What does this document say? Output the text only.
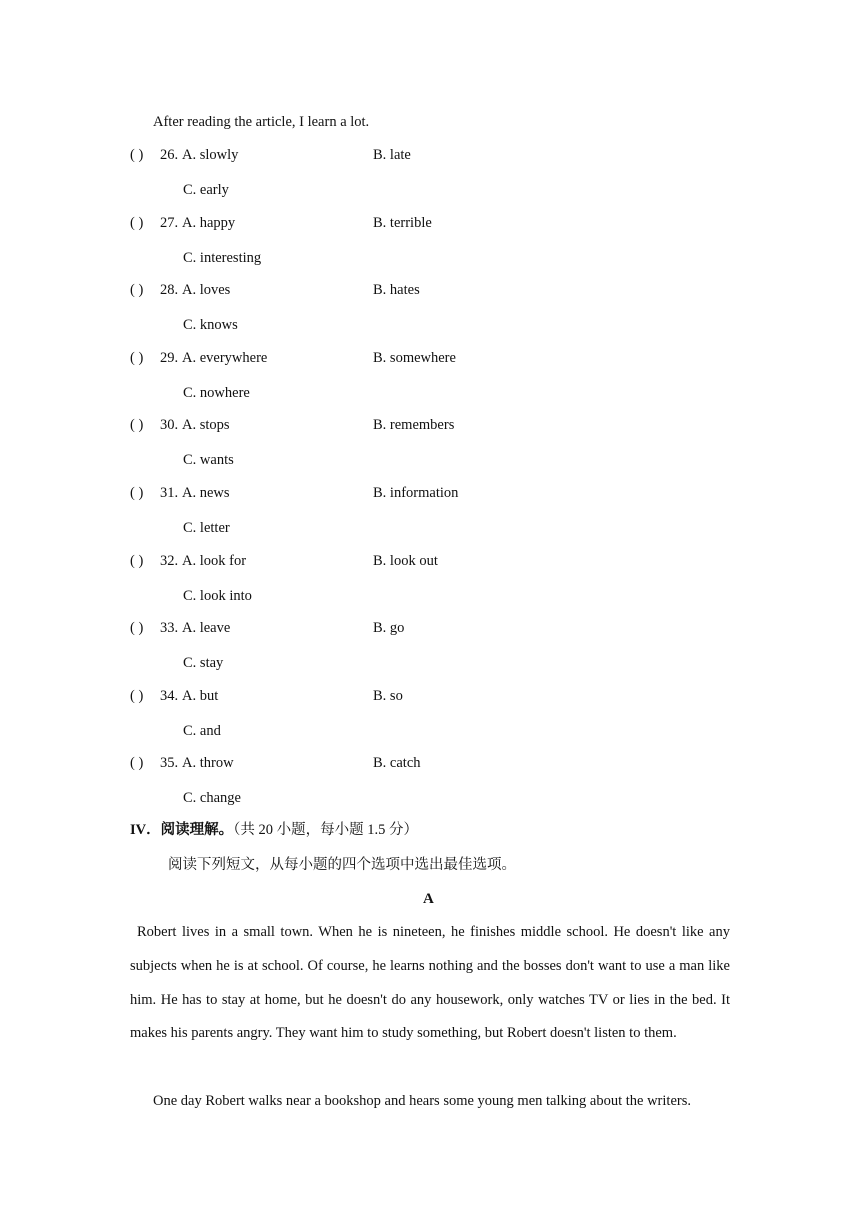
After reading the article, I learn a lot.
( ) 26. A. slowly	B. late
C. early
( ) 27. A. happy	B. terrible
C. interesting
( ) 28. A. loves	B. hates
C. knows
( ) 29. A. everywhere	B. somewhere
C. nowhere
( ) 30. A. stops	B. remembers
C. wants
( ) 31. A. news	B. information
C. letter
( ) 32. A. look for	B. look out
C. look into
( ) 33. A. leave	B. go
C. stay
( ) 34. A. but	B. so
C. and
( ) 35. A. throw	B. catch
C. change
IV．阅读理解。（共 20 小题，每小题 1.5 分）
阅读下列短文，从每小题的四个选项中选出最佳选项。
A
Robert lives in a small town. When he is nineteen, he finishes middle school. He doesn't like any subjects when he is at school. Of course, he learns nothing and the bosses don't want to use a man like him. He has to stay at home, but he doesn't do any housework, only watches TV or lies in the bed. It makes his parents angry. They want him to study something, but Robert doesn't listen to them.
One day Robert walks near a bookshop and hears some young men talking about the writers.
